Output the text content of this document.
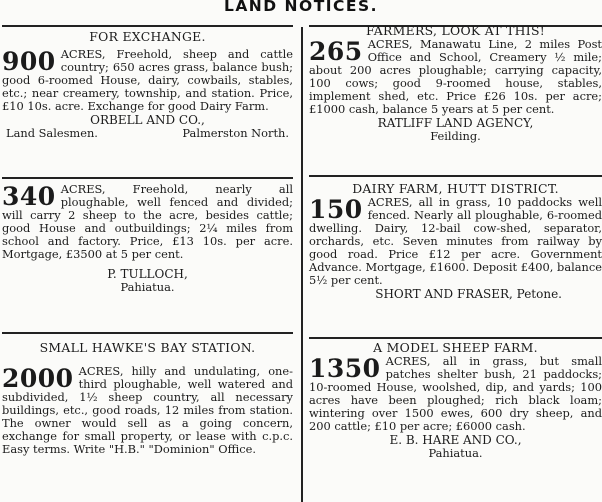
LAND NOTICES.
FOR EXCHANGE.
900 ACRES, Freehold, sheep and cattle country; 650 acres grass, balance bush; good 6-roomed House, dairy, cowbails, stables, etc.; near creamery, township, and station. Price, £10 10s. acre. Exchange for good Dairy Farm.
ORBELL AND CO.,
Land Salesmen.	Palmerston North.
340 ACRES, Freehold, nearly all ploughable, well fenced and divided; will carry 2 sheep to the acre, besides cattle; good House and outbuildings; 2¼ miles from school and factory. Price, £13 10s. per acre. Mortgage, £3500 at 5 per cent.
P. TULLOCH,
Pahiatua.
SMALL HAWKE'S BAY STATION.
2000 ACRES, hilly and undulating, one-third ploughable, well watered and subdivided, 1½ sheep country, all necessary buildings, etc., good roads, 12 miles from station. The owner would sell as a going concern, exchange for small property, or lease with c.p.c. Easy terms. Write "H.B." "Dominion" Office.
FARMERS, LOOK AT THIS!
265 ACRES, Manawatu Line, 2 miles Post Office and School, Creamery ½ mile; about 200 acres ploughable; carrying capacity, 100 cows; good 9-roomed house, stables, implement shed, etc. Price £26 10s. per acre; £1000 cash, balance 5 years at 5 per cent.
RATLIFF LAND AGENCY,
Feilding.
DAIRY FARM, HUTT DISTRICT.
150 ACRES, all in grass, 10 paddocks well fenced. Nearly all ploughable, 6-roomed dwelling. Dairy, 12-bail cow-shed, separator, orchards, etc. Seven minutes from railway by good road. Price £12 per acre. Government Advance. Mortgage, £1600. Deposit £400, balance 5½ per cent.
SHORT AND FRASER, Petone.
A MODEL SHEEP FARM.
1350 ACRES, all in grass, but small patches shelter bush, 21 paddocks; 10-roomed House, woolshed, dip, and yards; 100 acres have been ploughed; rich black loam; wintering over 1500 ewes, 600 dry sheep, and 200 cattle; £10 per acre; £6000 cash.
E. B. HARE AND CO.,
Pahiatua.
